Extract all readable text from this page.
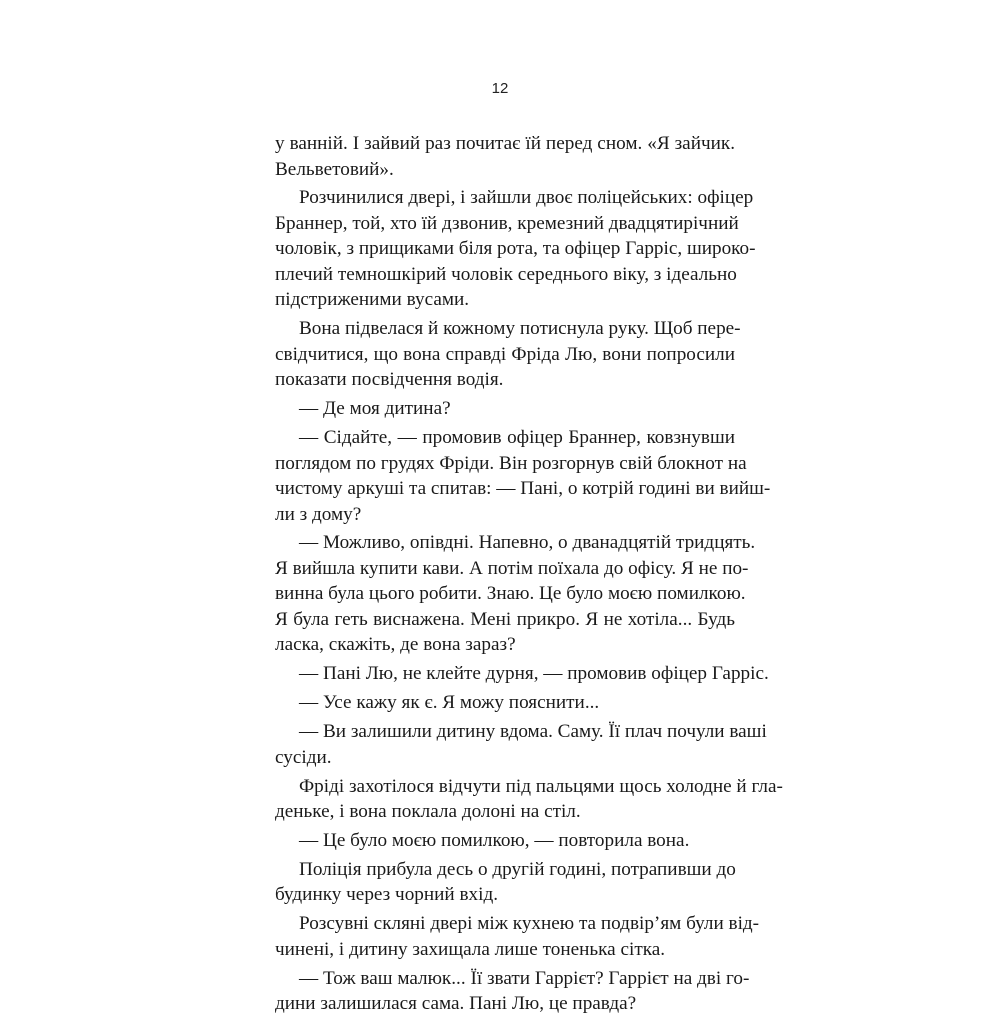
12
у ванній. І зайвий раз почитає їй перед сном. «Я зайчик.
Вельветовий».
Розчинилися двері, і зайшли двоє поліцейських: офіцер
Браннер, той, хто їй дзвонив, кремезний двадцятирічний
чоловік, з прищиками біля рота, та офіцер Гарріс, широко-
плечий темношкірий чоловік середнього віку, з ідеально
підстриженими вусами.
Вона підвелася й кожному потиснула руку. Щоб пере-
свідчитися, що вона справді Фріда Лю, вони попросили
показати посвідчення водія.
— Де моя дитина?
— Сідайте, — промовив офіцер Браннер, ковзнувши
поглядом по грудях Фріди. Він розгорнув свій блокнот на
чистому аркуші та спитав: — Пані, о котрій годині ви вийш-
ли з дому?
— Можливо, опівдні. Напевно, о дванадцятій тридцять.
Я вийшла купити кави. А потім поїхала до офісу. Я не по-
винна була цього робити. Знаю. Це було моєю помилкою.
Я була геть виснажена. Мені прикро. Я не хотіла... Будь
ласка, скажіть, де вона зараз?
— Пані Лю, не клейте дурня, — промовив офіцер Гарріс.
— Усе кажу як є. Я можу пояснити...
— Ви залишили дитину вдома. Саму. Її плач почули ваші
сусіди.
Фріді захотілося відчути під пальцями щось холодне й гла-
деньке, і вона поклала долоні на стіл.
— Це було моєю помилкою, — повторила вона.
Поліція прибула десь о другій годині, потрапивши до
будинку через чорний вхід.
Розсувні скляні двері між кухнею та подвір’ям були від-
чинені, і дитину захищала лише тоненька сітка.
— Тож ваш малюк... Її звати Гаррієт? Гаррієт на дві го-
дини залишилася сама. Пані Лю, це правда?
